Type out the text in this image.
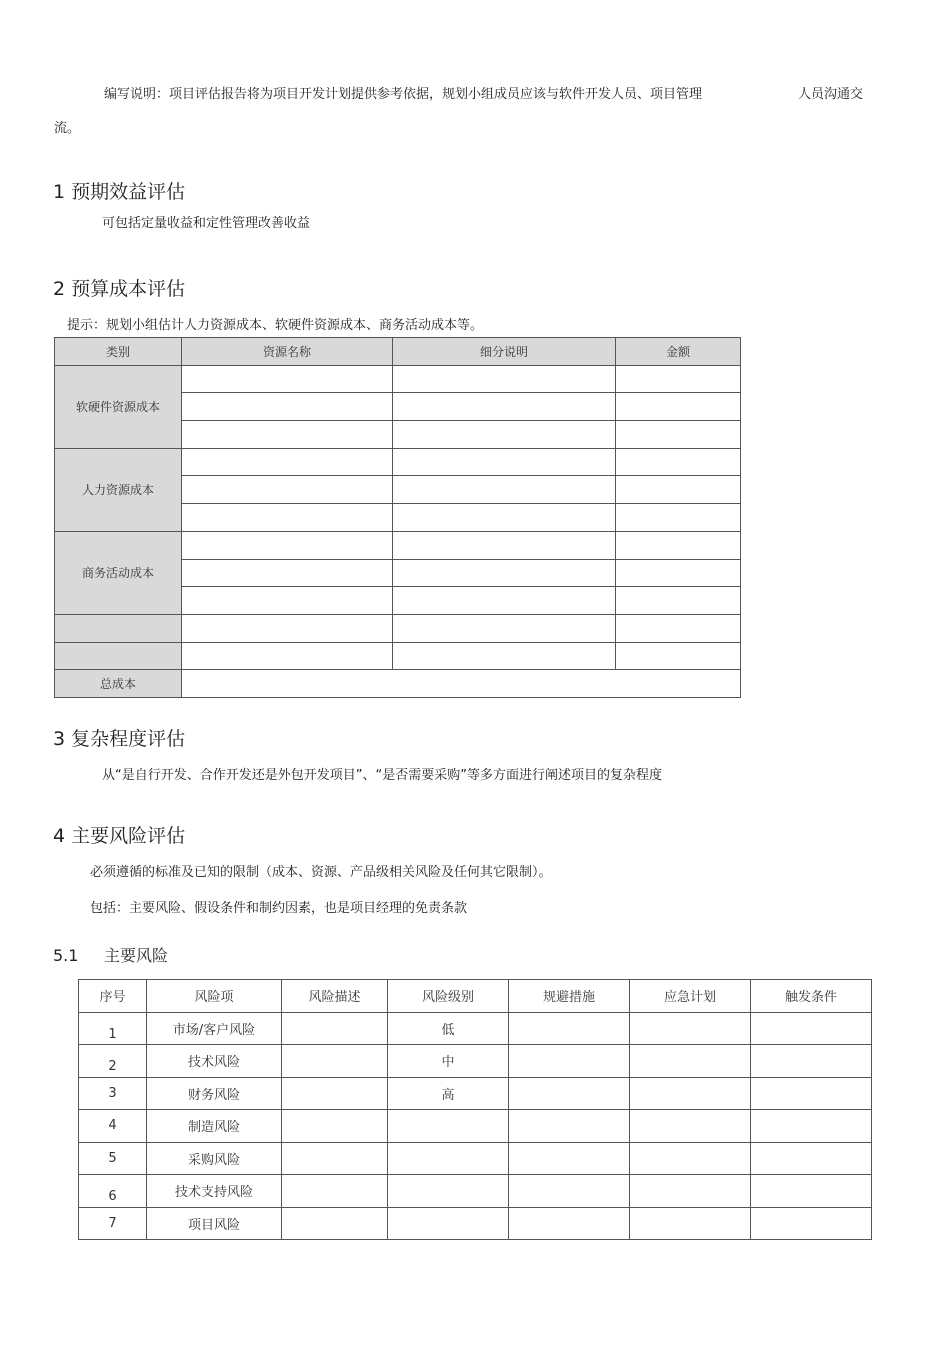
编写说明：项目评估报告将为项目开发计划提供参考依据，规划小组成员应该与软件开发人员、项目管理	人员沟通交
流。
1 预期效益评估
可包括定量收益和定性管理改善收益
2 预算成本评估
提示：规划小组估计人力资源成本、软硬件资源成本、商务活动成本等。
类别	资源名称	细分说明	金额
软硬件资源成本			

人力资源成本			

商务活动成本			

总成本			
3 复杂程度评估
从“是自行开发、合作开发还是外包开发项目”、“是否需要采购”等多方面进行阐述项目的复杂程度
4 主要风险评估
必须遵循的标准及已知的限制（成本、资源、产品级相关风险及任何其它限制）。
包括：主要风险、假设条件和制约因素，也是项目经理的免责条款
5.1 主要风险
序号	风险项	风险描述	风险级别	规避措施	应急计划	触发条件

1	市场/客户风险		低			

2	技术风险		中			
3	财务风险		高			
4	制造风险					
5	采购风险					

6	技术支持风险					
7	项目风险					
